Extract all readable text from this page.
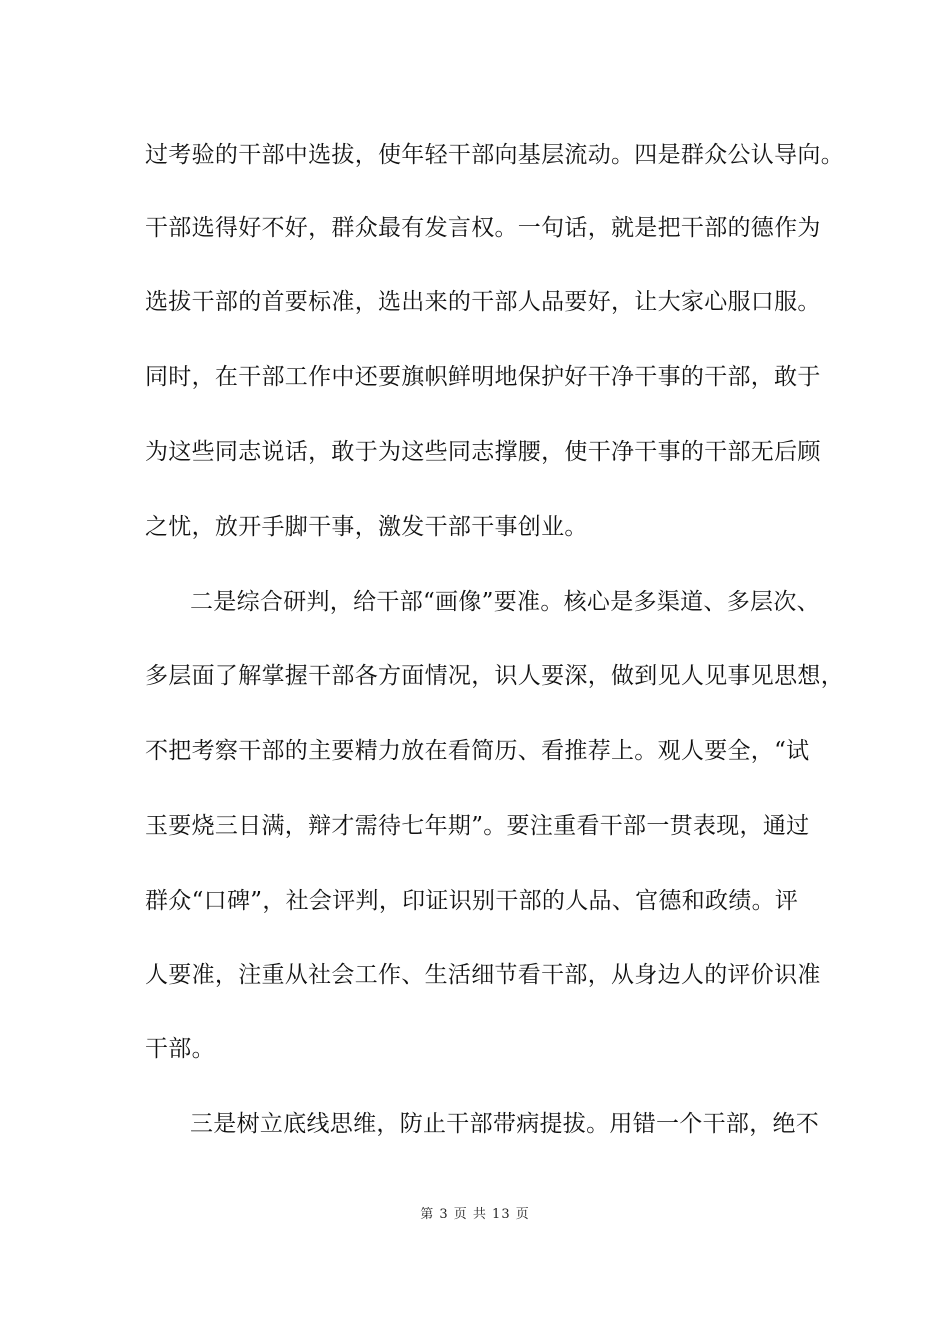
过考验的干部中选拔，使年轻干部向基层流动。四是群众公认导向。
干部选得好不好，群众最有发言权。一句话，就是把干部的德作为
选拔干部的首要标准，选出来的干部人品要好，让大家心服口服。
同时，在干部工作中还要旗帜鲜明地保护好干净干事的干部，敢于
为这些同志说话，敢于为这些同志撑腰，使干净干事的干部无后顾
之忧，放开手脚干事，激发干部干事创业。
二是综合研判，给干部“画像”要准。核心是多渠道、多层次、
多层面了解掌握干部各方面情况，识人要深，做到见人见事见思想，
不把考察干部的主要精力放在看简历、看推荐上。观人要全，“试
玉要烧三日满，辩才需待七年期”。要注重看干部一贯表现，通过
群众“口碑”，社会评判，印证识别干部的人品、官德和政绩。评
人要准，注重从社会工作、生活细节看干部，从身边人的评价识准
干部。
三是树立底线思维，防止干部带病提拔。用错一个干部，绝不
第 3 页 共 13 页
